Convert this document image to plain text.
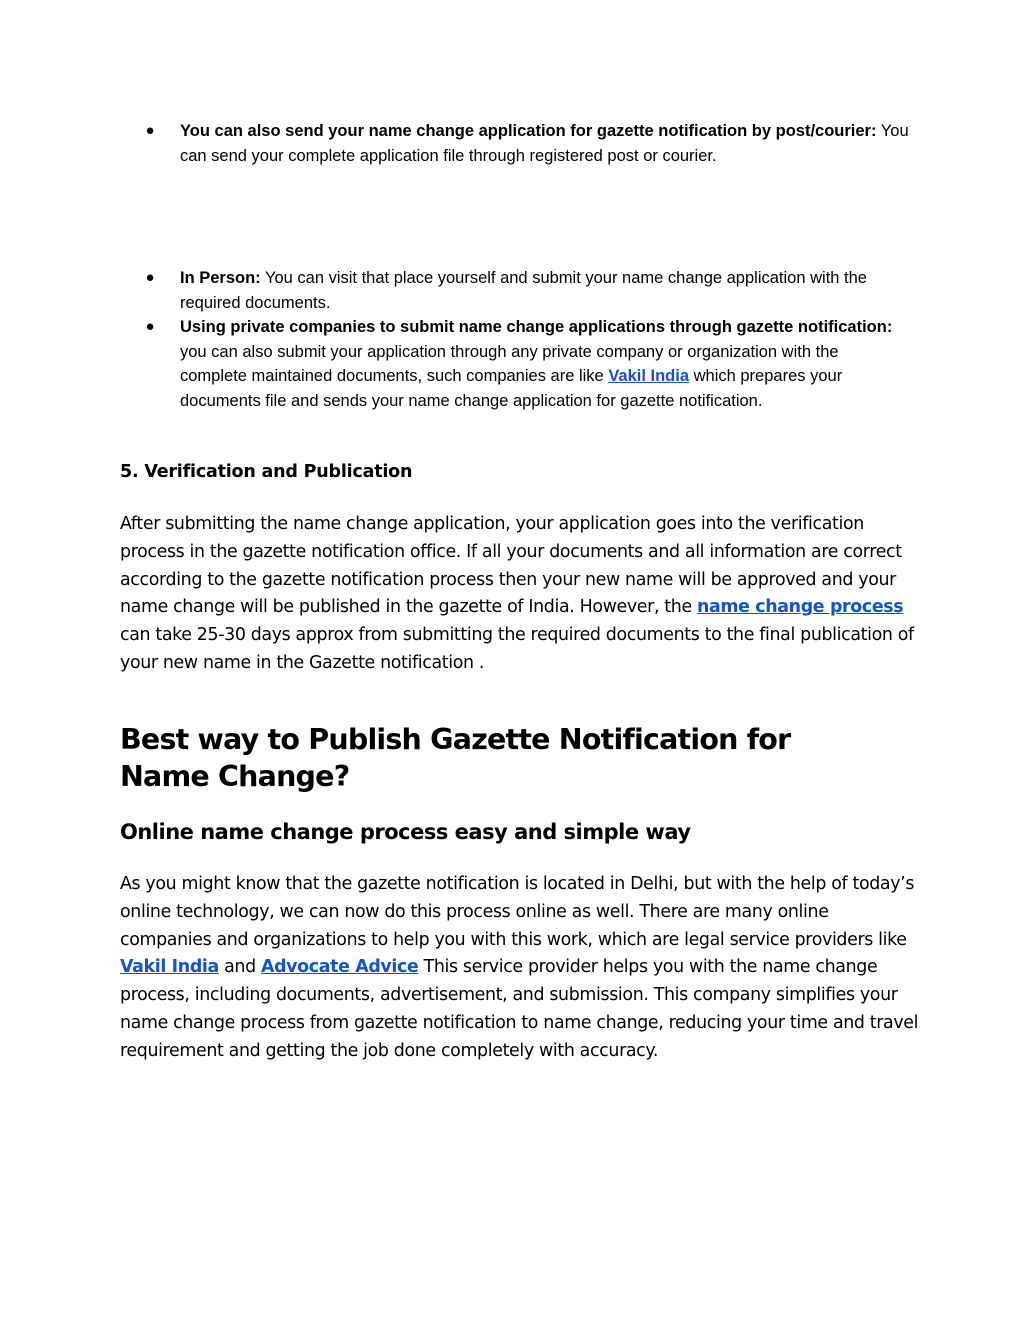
●	You can also send your name change application for gazette notification by post/courier: You can send your complete application file through registered post or courier.
●	In Person: You can visit that place yourself and submit your name change application with the required documents.
●	Using private companies to submit name change applications through gazette notification: you can also submit your application through any private company or organization with the complete maintained documents, such companies are like Vakil India which prepares your documents file and sends your name change application for gazette notification.
5. Verification and Publication

After submitting the name change application, your application goes into the verification process in the gazette notification office. If all your documents and all information are correct according to the gazette notification process then your new name will be approved and your name change will be published in the gazette of India. However, the name change process can take 25-30 days approx from submitting the required documents to the final publication of your new name in the Gazette notification .

Best way to Publish Gazette Notification for Name Change?
Online name change process easy and simple way

As you might know that the gazette notification is located in Delhi, but with the help of today’s online technology, we can now do this process online as well. There are many online companies and organizations to help you with this work, which are legal service providers like Vakil India and Advocate Advice This service provider helps you with the name change process, including documents, advertisement, and submission. This company simplifies your name change process from gazette notification to name change, reducing your time and travel requirement and getting the job done completely with accuracy.
